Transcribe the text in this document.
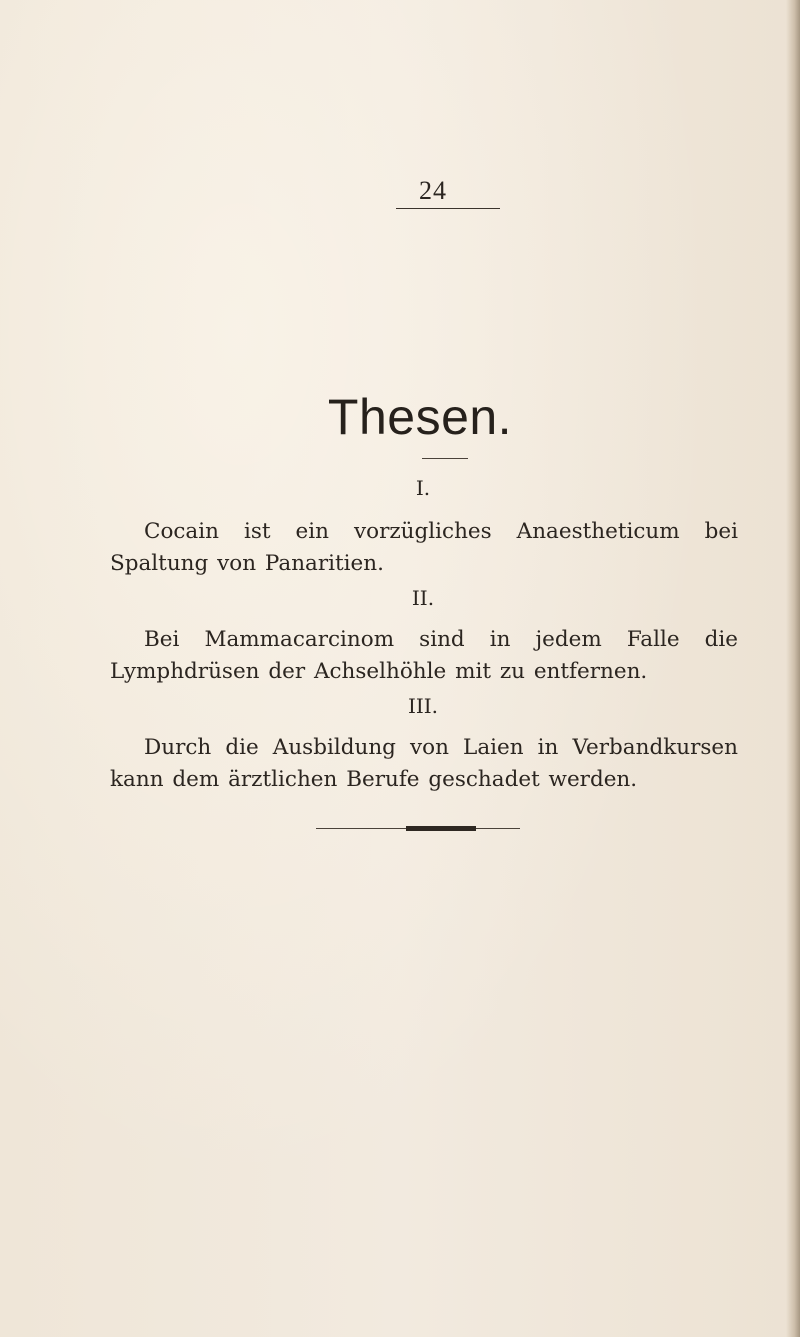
24
Thesen.
I.
Cocain ist ein vorzügliches Anaestheticum bei Spaltung von Panaritien.
II.
Bei Mammacarcinom sind in jedem Falle die Lymphdrüsen der Achselhöhle mit zu entfernen.
III.
Durch die Ausbildung von Laien in Verbandkursen kann dem ärztlichen Berufe geschadet werden.
